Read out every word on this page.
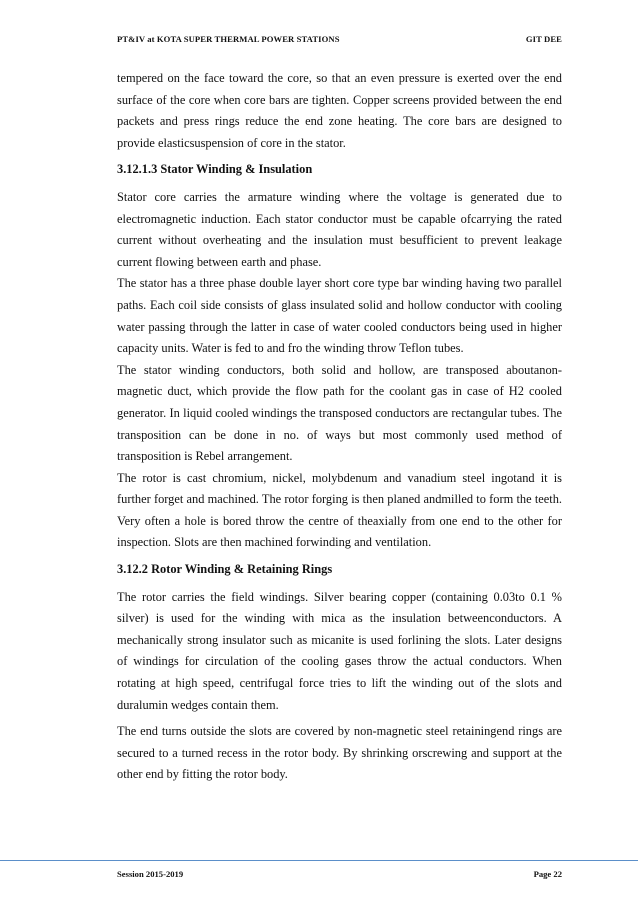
PT&IV at KOTA SUPER THERMAL POWER STATIONS	GIT DEE

tempered on the face toward the core, so that an even pressure is exerted over the end surface of the core when core bars are tighten. Copper screens provided between the end packets and press rings reduce the end zone heating. The core bars are designed to provide elasticsuspension of core in the stator.

3.12.1.3 Stator Winding & Insulation

Stator core carries the armature winding where the voltage is generated due to electromagnetic induction. Each stator conductor must be capable ofcarrying the rated current without overheating and the insulation must besufficient to prevent leakage current flowing between earth and phase.

The stator has a three phase double layer short core type bar winding having two parallel paths. Each coil side consists of glass insulated solid and hollow conductor with cooling water passing through the latter in case of water cooled conductors being used in higher capacity units. Water is fed to and fro the winding throw Teflon tubes.

The stator winding conductors, both solid and hollow, are transposed aboutanon-magnetic duct, which provide the flow path for the coolant gas in case of H2 cooled generator. In liquid cooled windings the transposed conductors are rectangular tubes. The transposition can be done in no. of ways but most commonly used method of transposition is Rebel arrangement.

The rotor is cast chromium, nickel, molybdenum and vanadium steel ingotand it is further forget and machined. The rotor forging is then planed andmilled to form the teeth. Very often a hole is bored throw the centre of theaxially from one end to the other for inspection. Slots are then machined forwinding and ventilation.

3.12.2 Rotor Winding & Retaining Rings

The rotor carries the field windings. Silver bearing copper (containing 0.03to 0.1 % silver) is used for the winding with mica as the insulation betweenconductors. A mechanically strong insulator such as micanite is used forlining the slots. Later designs of windings for circulation of the cooling gases throw the actual conductors. When rotating at high speed, centrifugal force tries to lift the winding out of the slots and duralumin wedges contain them.

The end turns outside the slots are covered by non-magnetic steel retainingend rings are secured to a turned recess in the rotor body. By shrinking orscrewing and support at the other end by fitting the rotor body.

Session 2015-2019	Page 22
